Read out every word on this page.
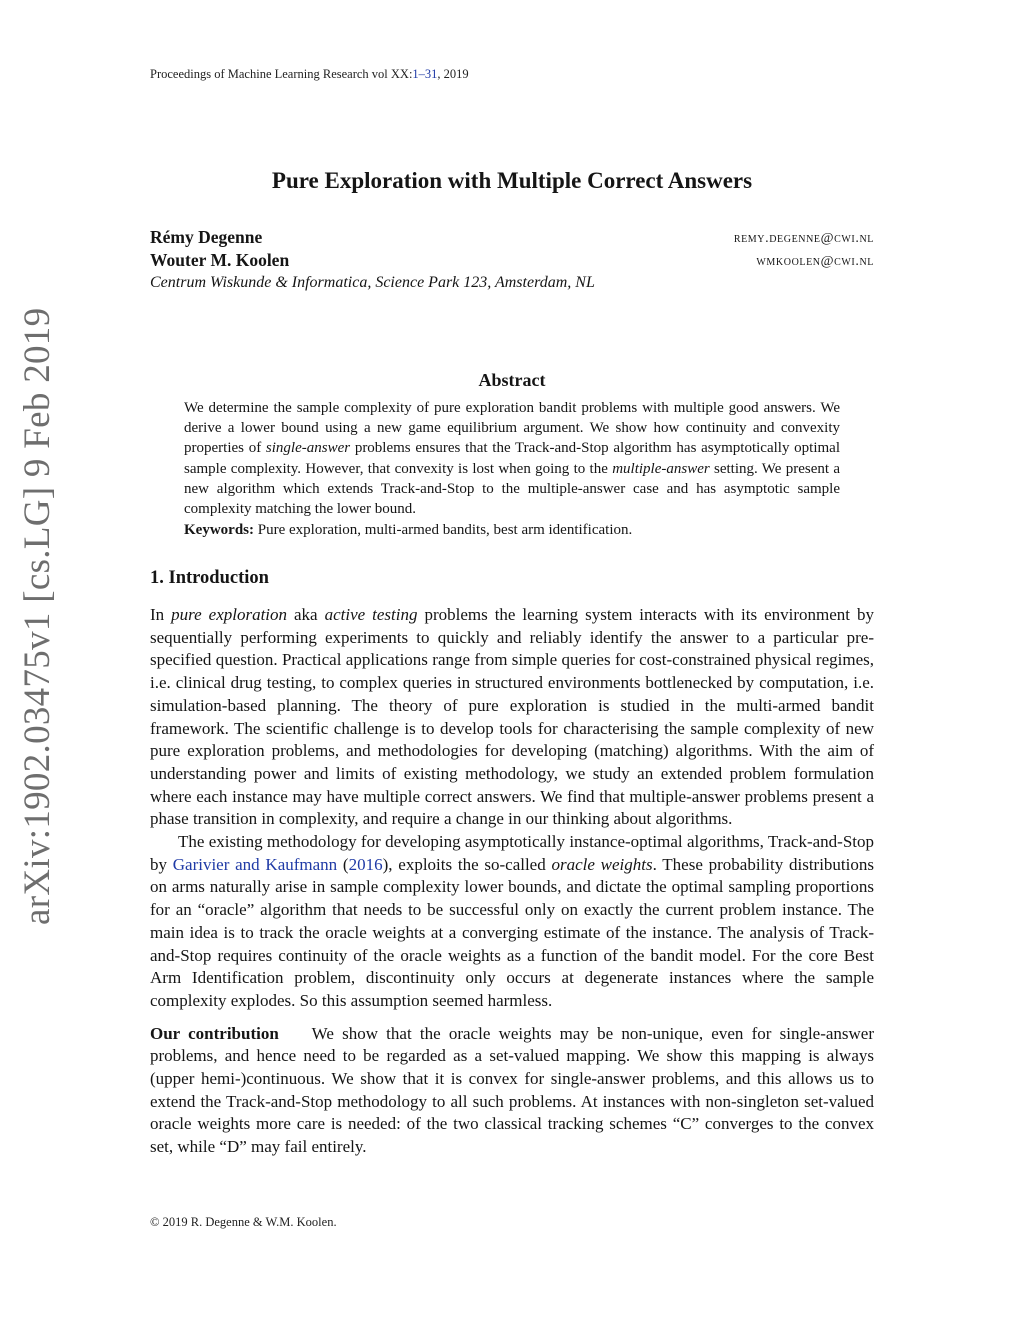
Proceedings of Machine Learning Research vol XX:1–31, 2019
arXiv:1902.03475v1 [cs.LG] 9 Feb 2019
Pure Exploration with Multiple Correct Answers
Rémy Degenne	remy.degenne@cwi.nl
Wouter M. Koolen	wmkoolen@cwi.nl
Centrum Wiskunde & Informatica, Science Park 123, Amsterdam, NL
Abstract

We determine the sample complexity of pure exploration bandit problems with multiple good answers. We derive a lower bound using a new game equilibrium argument. We show how continuity and convexity properties of single-answer problems ensures that the Track-and-Stop algorithm has asymptotically optimal sample complexity. However, that convexity is lost when going to the multiple-answer setting. We present a new algorithm which extends Track-and-Stop to the multiple-answer case and has asymptotic sample complexity matching the lower bound.

Keywords: Pure exploration, multi-armed bandits, best arm identification.

1. Introduction

In pure exploration aka active testing problems the learning system interacts with its environment by sequentially performing experiments to quickly and reliably identify the answer to a particular pre-specified question. Practical applications range from simple queries for cost-constrained physical regimes, i.e. clinical drug testing, to complex queries in structured environments bottlenecked by computation, i.e. simulation-based planning. The theory of pure exploration is studied in the multi-armed bandit framework. The scientific challenge is to develop tools for characterising the sample complexity of new pure exploration problems, and methodologies for developing (matching) algorithms. With the aim of understanding power and limits of existing methodology, we study an extended problem formulation where each instance may have multiple correct answers. We find that multiple-answer problems present a phase transition in complexity, and require a change in our thinking about algorithms.

The existing methodology for developing asymptotically instance-optimal algorithms, Track-and-Stop by Garivier and Kaufmann (2016), exploits the so-called oracle weights. These probability distributions on arms naturally arise in sample complexity lower bounds, and dictate the optimal sampling proportions for an “oracle” algorithm that needs to be successful only on exactly the current problem instance. The main idea is to track the oracle weights at a converging estimate of the instance. The analysis of Track-and-Stop requires continuity of the oracle weights as a function of the bandit model. For the core Best Arm Identification problem, discontinuity only occurs at degenerate instances where the sample complexity explodes. So this assumption seemed harmless.

Our contribution We show that the oracle weights may be non-unique, even for single-answer problems, and hence need to be regarded as a set-valued mapping. We show this mapping is always (upper hemi-)continuous. We show that it is convex for single-answer problems, and this allows us to extend the Track-and-Stop methodology to all such problems. At instances with non-singleton set-valued oracle weights more care is needed: of the two classical tracking schemes “C” converges to the convex set, while “D” may fail entirely.

© 2019 R. Degenne & W.M. Koolen.
